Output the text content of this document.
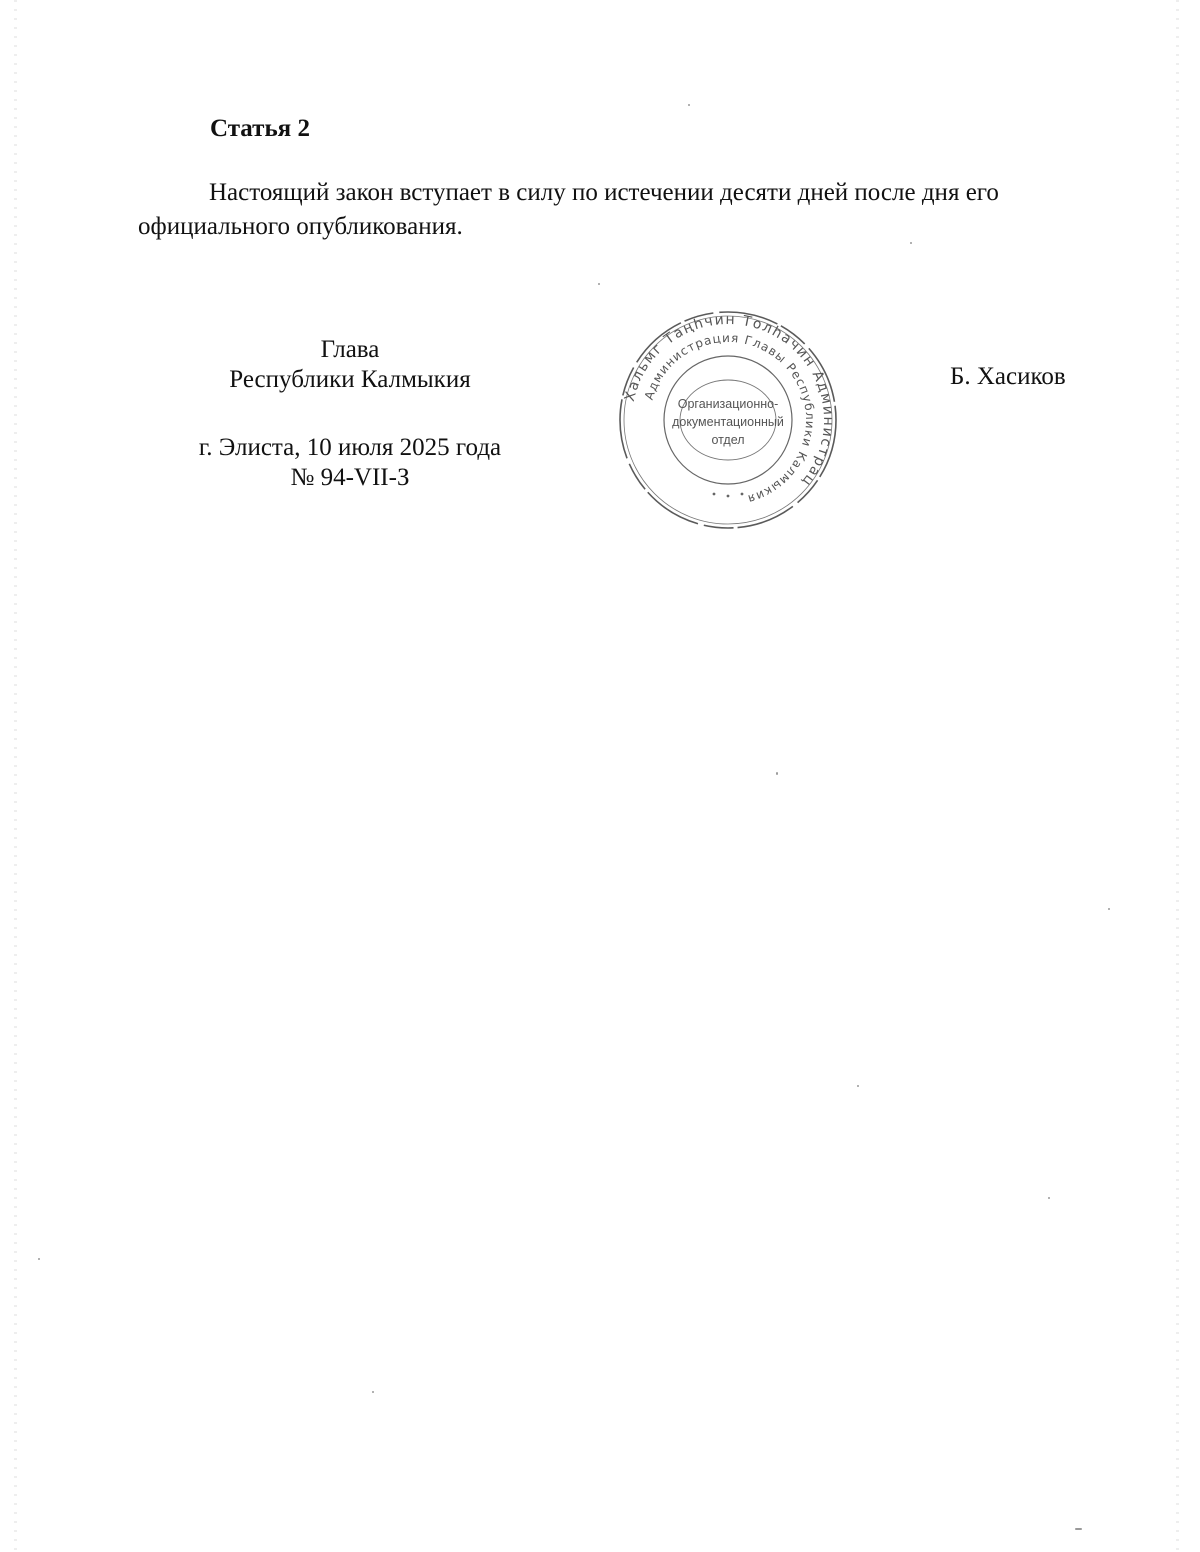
Статья 2

Настоящий закон вступает в силу по истечении десяти дней после дня его официального опубликования.

Глава
Республики Калмыкия
г. Элиста, 10 июля 2025 года
№ 94-VII-З
Хальмг Таңһчин Толһачин Администрац
Администрация Главы Республики Калмыкия
Организационно-
документационный
отдел
Б. Хасиков
